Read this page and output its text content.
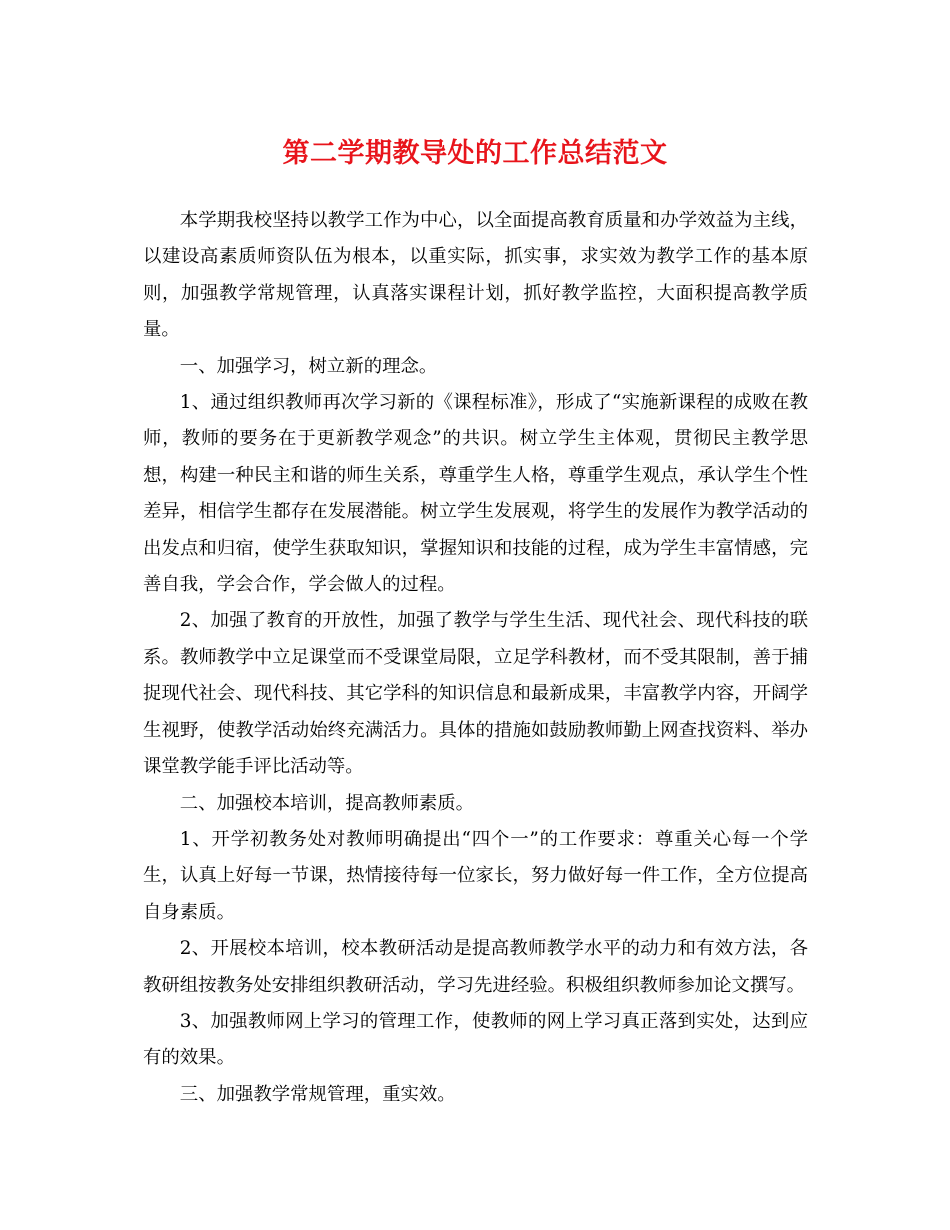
第二学期教导处的工作总结范文

本学期我校坚持以教学工作为中心，以全面提高教育质量和办学效益为主线，以建设高素质师资队伍为根本，以重实际，抓实事，求实效为教学工作的基本原则，加强教学常规管理，认真落实课程计划，抓好教学监控，大面积提高教学质量。

一、加强学习，树立新的理念。

1、通过组织教师再次学习新的《课程标准》，形成了“实施新课程的成败在教师，教师的要务在于更新教学观念”的共识。树立学生主体观，贯彻民主教学思想，构建一种民主和谐的师生关系，尊重学生人格，尊重学生观点，承认学生个性差异，相信学生都存在发展潜能。树立学生发展观，将学生的发展作为教学活动的出发点和归宿，使学生获取知识，掌握知识和技能的过程，成为学生丰富情感，完善自我，学会合作，学会做人的过程。

2、加强了教育的开放性，加强了教学与学生生活、现代社会、现代科技的联系。教师教学中立足课堂而不受课堂局限，立足学科教材，而不受其限制，善于捕捉现代社会、现代科技、其它学科的知识信息和最新成果，丰富教学内容，开阔学生视野，使教学活动始终充满活力。具体的措施如鼓励教师勤上网查找资料、举办课堂教学能手评比活动等。

二、加强校本培训，提高教师素质。

1、开学初教务处对教师明确提出“四个一”的工作要求：尊重关心每一个学生，认真上好每一节课，热情接待每一位家长，努力做好每一件工作，全方位提高自身素质。

2、开展校本培训，校本教研活动是提高教师教学水平的动力和有效方法，各教研组按教务处安排组织教研活动，学习先进经验。积极组织教师参加论文撰写。

3、加强教师网上学习的管理工作，使教师的网上学习真正落到实处，达到应有的效果。

三、加强教学常规管理，重实效。
